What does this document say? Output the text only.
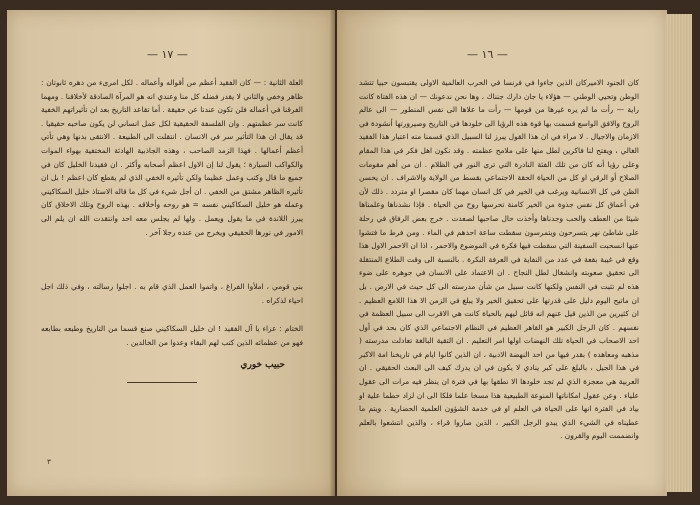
— ١٧ —
العلة الثانية : — كان الفقيد أعظم من أقواله وأعماله . لكل امرىء من دهره ثابوتان : ظاهر وخفي والثاني لا يقدر فضله كل منا وعندي انه هو المرآة الصادقة لأخلاقنا . ومهما الفرقنا في أعماله فلن تكون عندنا عن حقيقة . أما تقاعد التاريخ بعد ان تأثيراتهم الخفية كانت سر عظمتهم . وان الفلسفة الحقيقية لكل عمل انساني لن يكون صاحبه حقيقيا . قد يقال ان هذا التأثير سر في الانسان . انتقلت الى الطبيعة . الانتقى بدنها وهي تأتي أعظم أعمالها . فهذا الزمد الصاحب ، وهذه الجاذبية الهادئة المختفية بهواء الموات والكواكب السيارة ؛ يقول لنا إن الاول اعظم أصحابه وأكثر . ان فقيدنا الخليل كان في جميع ما قال وكتب وعمل عظيما ولكن تأثيره الخفي الذي لم يقطع كان اعظم ! بل ان تأثيره الظاهر مشتق من الخفي . ان أجل شيء في كل ما قاله الاستاذ خليل السكاكيني وعمله هو خليل السكاكيني نفسه = هو روحه وأخلاقه . بهذه الروح وتلك الاخلاق كان يبرز اللاندة في ما يقول ويعمل . ولها لم يجلس معه احد وانتقدت الله ان يلم الى الامور في نورها الحقيقي ويخرج من عنده رجلا آخر .
بني قومي ، املأوا الفراغ ، واتموا العمل الذي قام به . اجلوا رسالته ، وفي ذلك اجل احياء لذكراه .
الختام : عزاء يا آل الفقيد ! ان خليل السكاكيني صنع قسما من التاريخ وطبعه بطابعه فهو من عظمائه الذين كتب لهم البقاء وعدوا من الخالدين .
حبيب خوري
٣
— ١٦ —
كان الجنود الاميركان الذين جاءوا في فرنسا في الحرب العالمية الاولى يقتبسون حبيا تتشد الوطن وتحيي الوطني — هؤلاء يا جان دارك جنناك ، وها نحن ندعونك — ان هذه الفتاة كانت راية — رأت ما لم يره غيرها من قومها — رأت ما علاها الى نفس المنطور — الى عالم الروح والافق الواسع قسمت بها قوة هذه الرؤيا الى خلودها في التاريخ وصيرورتها أنشودة في الازمان والاجيال . لا مراء في ان هذا القول يبرز لنا السبيل الذي قسمنا منه اعتبار هذا الفقيد الغالي ، ويفتح لنا فاكرين لطل منها على ملامح عظمته . وقد نكون اهل فكر في هذا المقام وعلى رؤيا أنه كان من تلك الفئة النادرة التي ترى النور في الظلام . ان من أهم مقومات الصلاح أو الرقي او كل من الحياة الحقة الاجتماعي بقسط من الولاية والاشراف . ان يحسن الظن في كل الانسانية ويرغب في الخير في كل انسان مهما كان مقصرا او متردد . ذلك لأن في أعماق كل نفس جذوة من الخير كامنة تحرسها روح من الحياة . فإذا نشدناها وعلمناها شيئا من العطف والحب وجدناها وأخذت حال صاحبها لصعدت . خرج بعض الرفاق في رحلة على شاطئ نهر يتسرحون ويتمرسون سقطت ساعة احدهم في الماء . ومن فرط ما فتشوا عنها انسحبت السفينة التي سقطت فيها فكرة في الموضوع والاحمر ، اذا ان الاحمر الاول هذا وقع في غيبة بقعة في عدد من النفاية في العرفة النكرة . بالنسبة الى وقت الطلاع المنتقلة الى تحقيق صعوبته وانشغال لطل النجاح . ان الاعتماد على الانسان في جوهره على ضوء هذه لم تثبت في النفس ولكنها كانت سبيل من شأن مدرسته الى كل حيث في الارض . بل ان ماتيح اليوم دليل على قدرتها على تحقيق الخير ولا يبلغ في الزمن الا هذا اللامع العظيم . ان كثيرين من الذين قيل عنهم انه قائل ليهم بالحياة كانت هي الاقرب الى سبيل العظمة في نفسهم . كان الرجل الكبير هو القاهر العظيم في النظام الاجتماعي الذي كان بحد في أول احد الاصحاب في الحياة تلك النهضات اولها امر التعليم . ان التقية البالغة تعادلت مدرسته ( مذهبه ومعاهده ) بقدر فيها من احد النهضة الادبية ، ان الذين كانوا ايام في تاريخنا امة الاكبر في هذا الجيل ، بالبلغ على كبر ينادي لا يكون في ان يدرك كيف الى البعث الحقيقي . ان العربية هي معجزة الذي لم تجد خلودها الا نطقها بها في فترة ان ينظر فيه مرات الى عقول علياء . وعن عقول امكاناتها المنوعة الطبيعية هذا مسخا علما فلكا الى ان لزاد حطما علية او بياد في الفترة انها على الحياة في العلم او في خدمة الشؤون العلمية الحضارية . ويتم ما عطيناه في الشيء الذي يبدو الرجل الكبير ، الذين صاروا قراء ، والذين انتشعوا بالعلم وانضممت اليوم والقرون .
